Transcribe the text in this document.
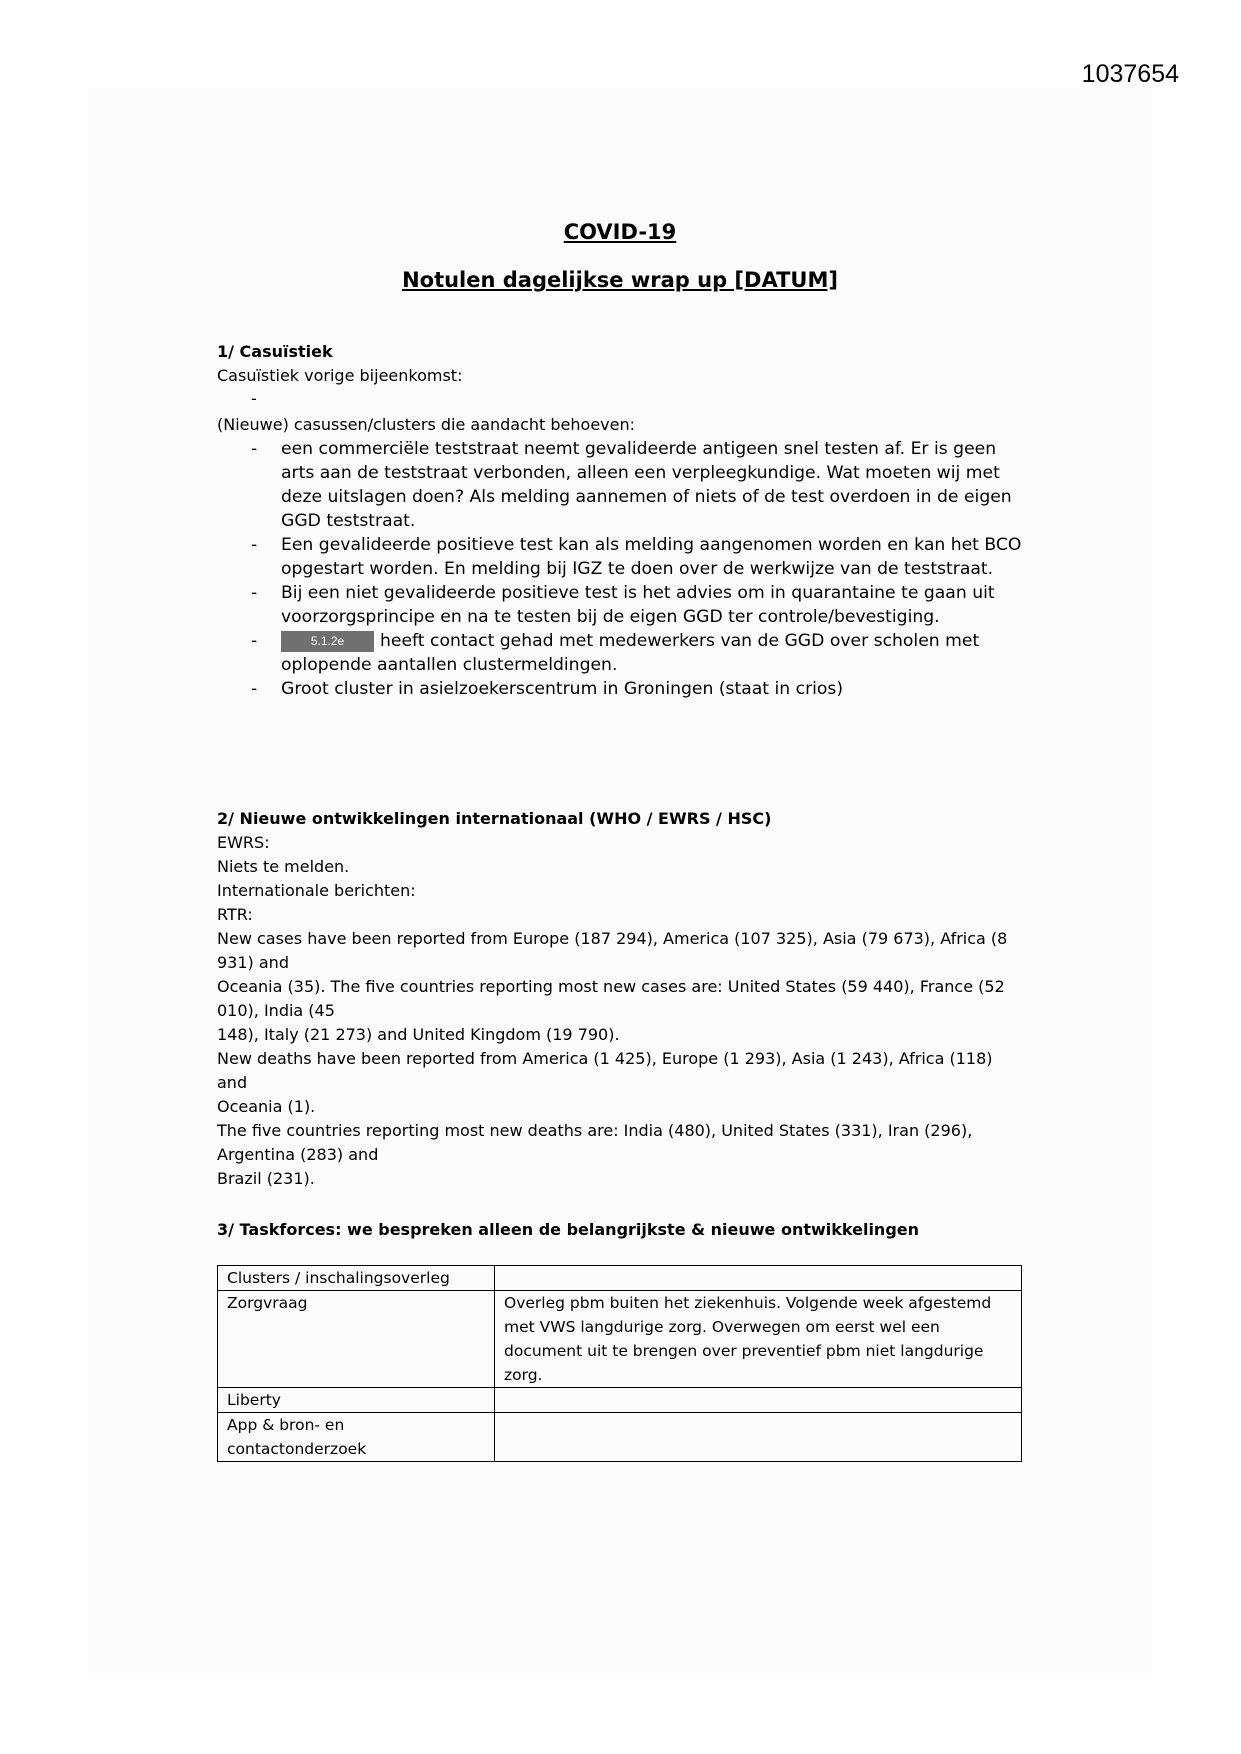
1037654
COVID-19
Notulen dagelijkse wrap up [DATUM]
1/ Casuïstiek
Casuïstiek vorige bijeenkomst:
-
(Nieuwe) casussen/clusters die aandacht behoeven:
- een commerciële teststraat neemt gevalideerde antigeen snel testen af. Er is geen arts aan de teststraat verbonden, alleen een verpleegkundige. Wat moeten wij met deze uitslagen doen? Als melding aannemen of niets of de test overdoen in de eigen GGD teststraat.
- Een gevalideerde positieve test kan als melding aangenomen worden en kan het BCO opgestart worden. En melding bij IGZ te doen over de werkwijze van de teststraat.
- Bij een niet gevalideerde positieve test is het advies om in quarantaine te gaan uit voorzorgsprincipe en na te testen bij de eigen GGD ter controle/bevestiging.
-	5.1.2e heeft contact gehad met medewerkers van de GGD over scholen met oplopende aantallen clustermeldingen.
- Groot cluster in asielzoekerscentrum in Groningen (staat in crios)
2/ Nieuwe ontwikkelingen internationaal (WHO / EWRS / HSC)
EWRS:
Niets te melden.
Internationale berichten:
RTR:
New cases have been reported from Europe (187 294), America (107 325), Asia (79 673), Africa (8
931) and
Oceania (35). The five countries reporting most new cases are: United States (59 440), France (52
010), India (45
148), Italy (21 273) and United Kingdom (19 790).
New deaths have been reported from America (1 425), Europe (1 293), Asia (1 243), Africa (118) and
Oceania (1).
The five countries reporting most new deaths are: India (480), United States (331), Iran (296),
Argentina (283) and
Brazil (231).
3/ Taskforces: we bespreken alleen de belangrijkste & nieuwe ontwikkelingen
Clusters / inschalingsoverleg	
Zorgvraag	Overleg pbm buiten het ziekenhuis. Volgende week afgestemd met VWS langdurige zorg. Overwegen om eerst wel een document uit te brengen over preventief pbm niet langdurige zorg.
Liberty	
App & bron- en contactonderzoek	
